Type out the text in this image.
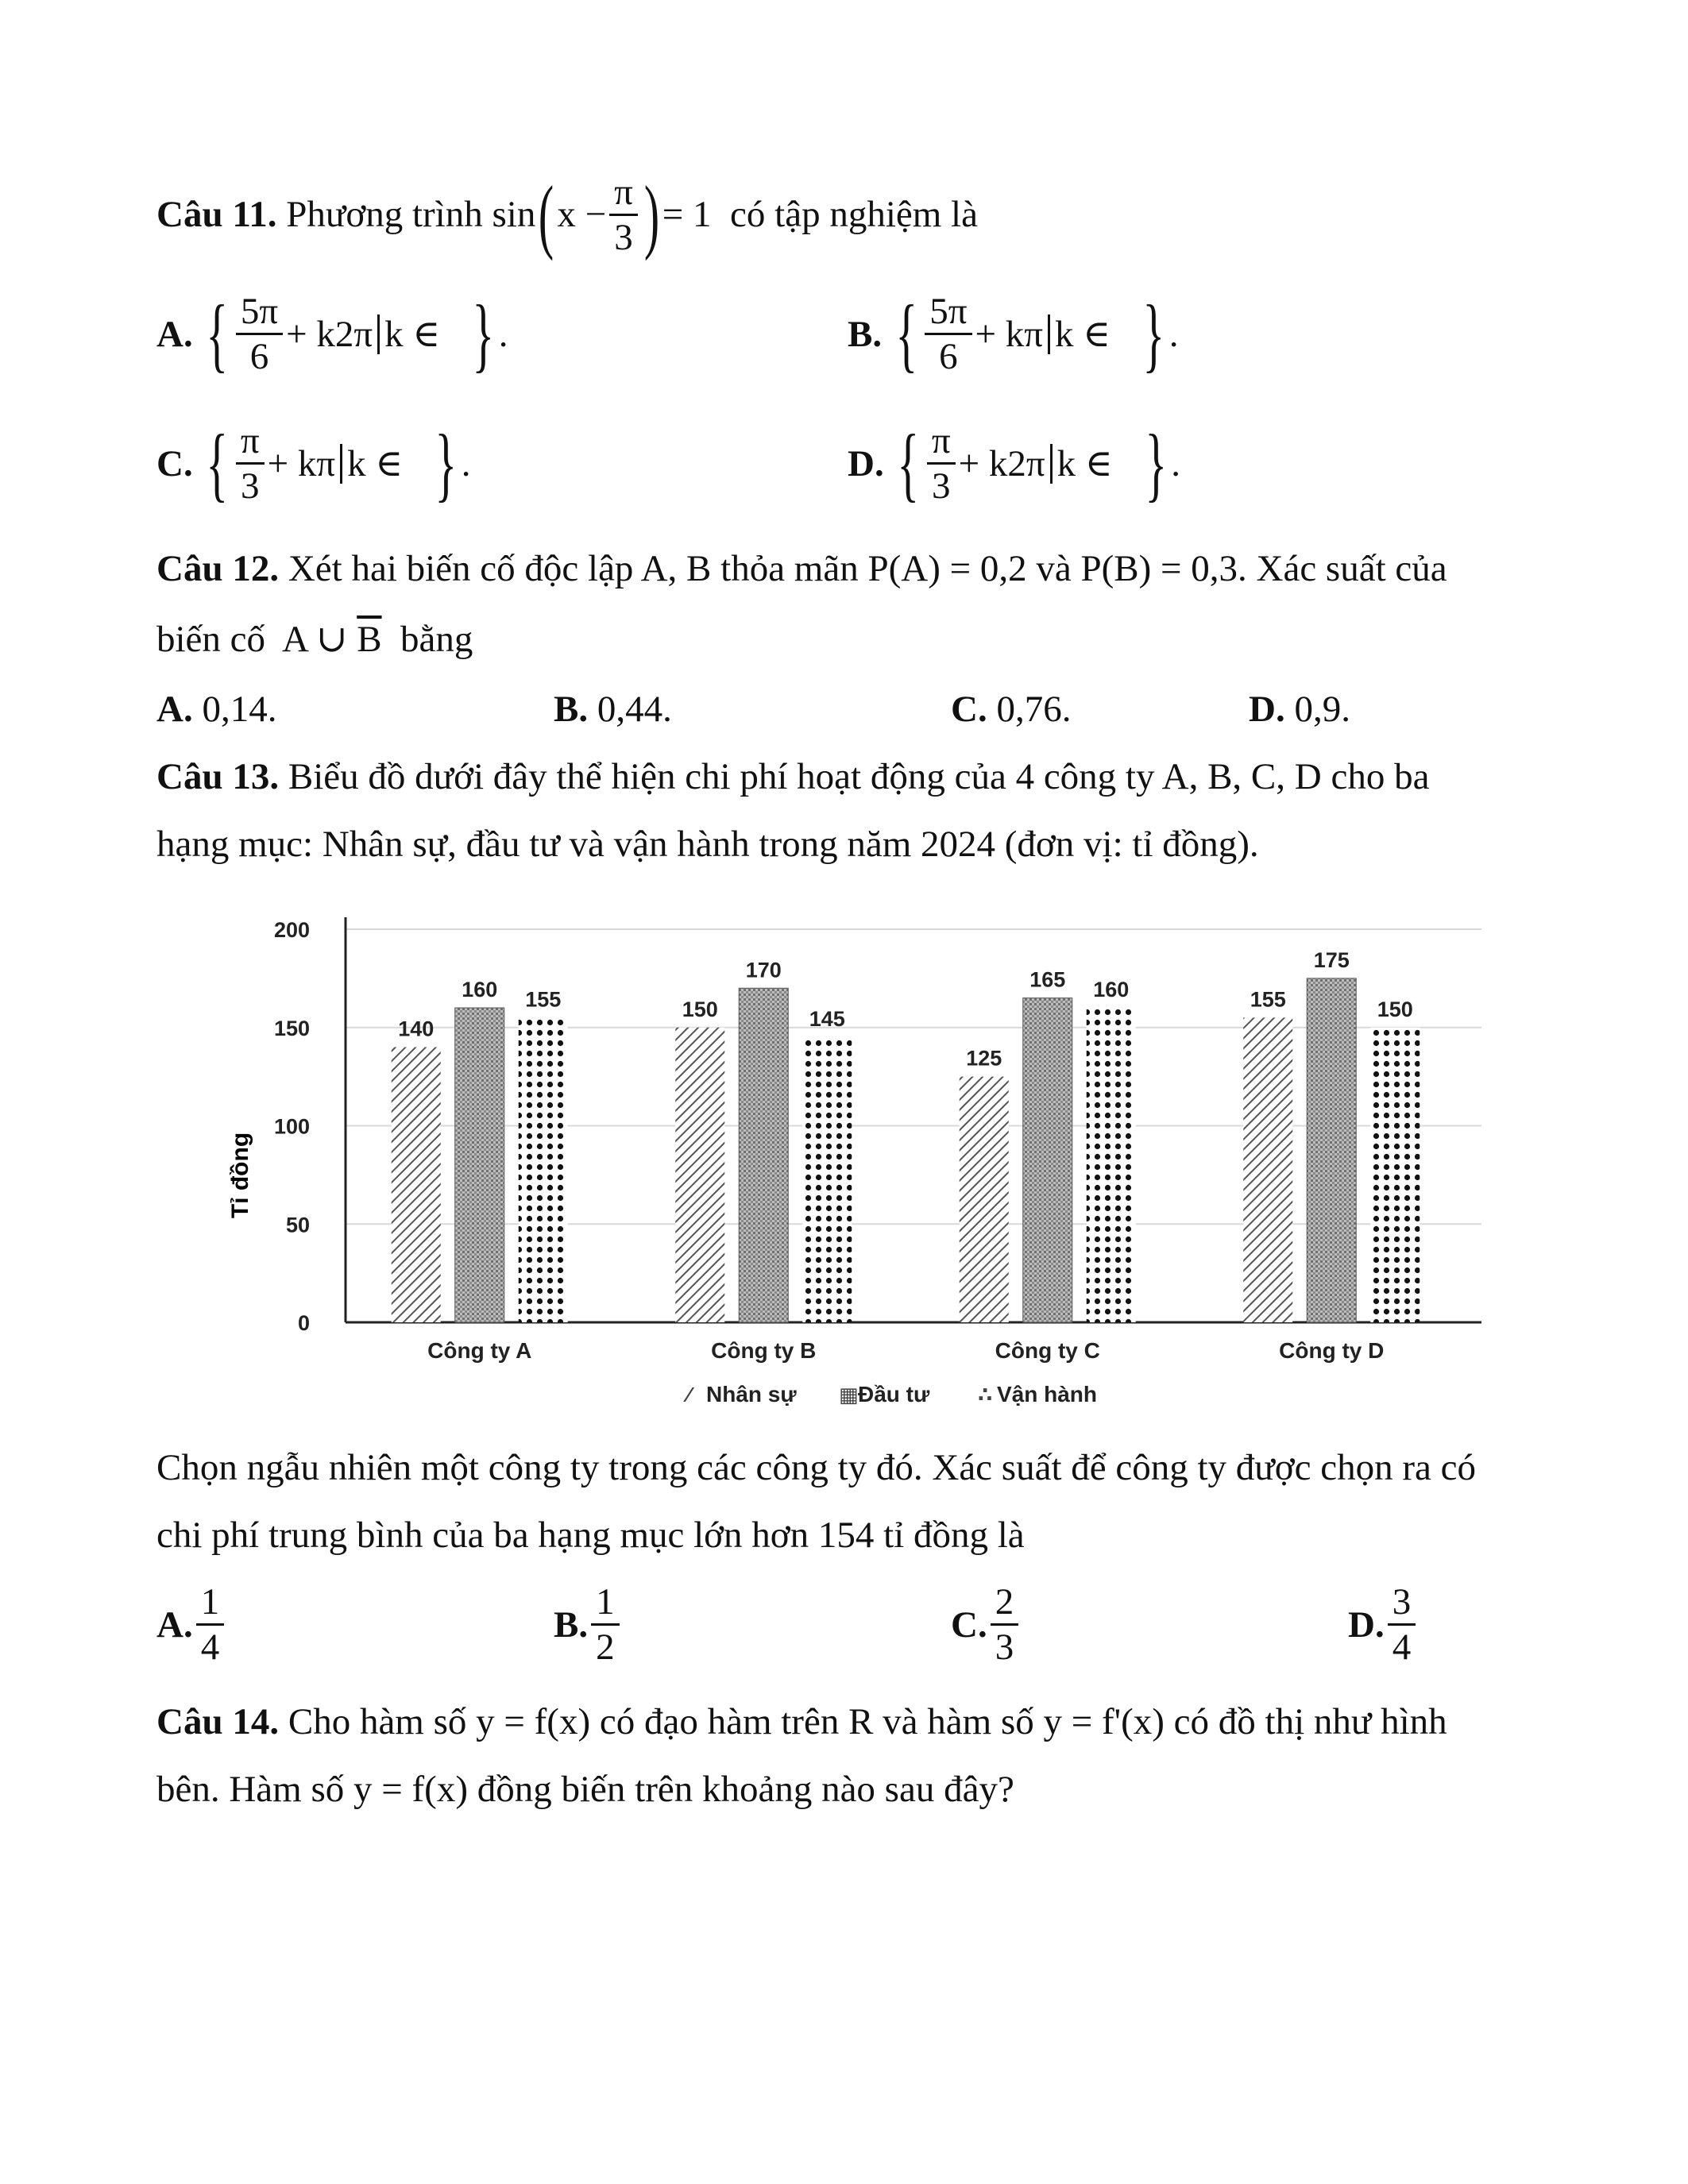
Câu 11.
Phương trình sin ( $x - \frac{\pi}{3}$ ) = 1
có tập nghiệm là
A.
{ $\frac{5\pi}{6} + k2\pi$ k ∈
} .	B.
{ $\frac{5\pi}{6} + k\pi$ k ∈
} .
C.
{ $\frac{\pi}{3} + k\pi$ k ∈
} .	D.
{ $\frac{\pi}{3} + k2\pi$ k ∈
} .
Câu 12. Xét hai biến cố độc lập A, B thỏa mãn P(A) = 0,2 và P(B) = 0,3. Xác suất của
biến cố A ∪ $\overline{B}$ bằng
A. 0,14.	B. 0,44.	C. 0,76.	D. 0,9.
Câu 13. Biểu đồ dưới đây thể hiện chi phí hoạt động của 4 công ty A, B, C, D cho ba
hạng mục: Nhân sự, đầu tư và vận hành trong năm 2024 (đơn vị: tỉ đồng).
0
50
100
150
200
140
160 155	150
170
145
125
165 160	155
175
150
Công ty A	Công ty B	Công ty C	Công ty D
Tỉ đồng
⁄ Nhân sự ▦ Đầu tư ∴ Vận hành
Chọn ngẫu nhiên một công ty trong các công ty đó. Xác suất để công ty được chọn ra có
chi phí trung bình của ba hạng mục lớn hơn 154 tỉ đồng là
A. $\frac{1}{4}$	B. $\frac{1}{2}$	C. $\frac{2}{3}$	D. $\frac{3}{4}$
Câu 14. Cho hàm số y = f(x) có đạo hàm trên R và hàm số y = f'(x) có đồ thị như hình
bên. Hàm số y = f(x) đồng biến trên khoảng nào sau đây?
